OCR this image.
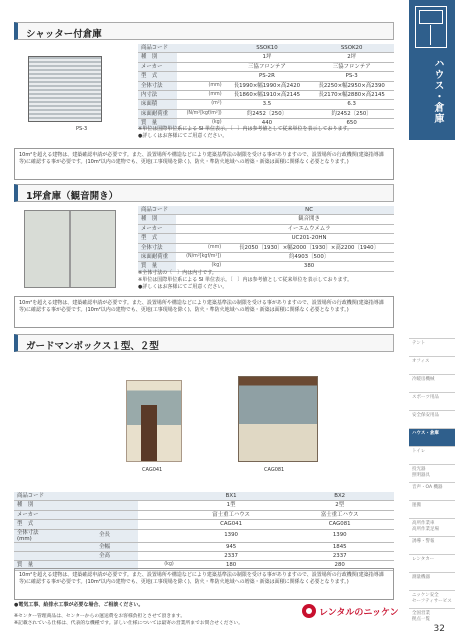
ハウス・倉庫
テント
オフィス
冷暖房機械
スポーツ用品
安全保安用品
ハウス・倉庫
トイレ
投光器
照明器具
音声・OA 機器
運搬
高所作業車
高所作業足場
誘導・警報
レンタカー
測量機器
ニッケン安全
セーフティサービス
全国営業
拠点一覧
シャッター付倉庫
PS-3
商品コード		SSOK10	SSOK20
種　別		1坪	2坪
メーカー		三協フロンテア	三協フロンテア
型　式		PS-2R	PS-3
全体寸法	(mm)	長1990×幅1990×高2420	長2250×幅2950×高2390
内寸法	(mm)	長1860×幅1910×高2145	長2170×幅2880×高2145
床面積	(m²)	3.5	6.3
床面耐荷重	(N/m²[kgf/m²])	約2452〔250〕	約2452〔250〕
質　量	(kg)	440	650
※単位は国際単位系による SI 単位表示。〔　〕内は参考値として従来単位を表示しております。
●詳しくはお客様にてご用意ください。
10m²を超える建物は、建築確認申請が必要です。また、設置場所や構造などにより建築基準法の制限を受ける事がありますので、設置場所の行政機関(建築指導課等)に確認する事が必要です。(10m²以内の建物でも、更地(工事現場を除く)、防火・準防火地域への増築・新築は面積に関係なく必要となります。)
1坪倉庫（観音開き）
商品コード		NC
種　別		観音開き
メーカー		イーエムウメムラ
型　式		UC201-20HN
全体寸法	(mm)	長2050〔1930〕×幅2000〔1930〕×高2200〔1940〕
床面耐荷重	(N/m²[kgf/m²])	約4903〔500〕
質　量	(kg)	380
※全体寸法の〔　〕内は内寸です。
※単位は国際単位系による SI 単位表示。〔　〕内は参考値として従来単位を表示しております。
●詳しくはお客様にてご用意ください。
10m²を超える建物は、建築確認申請が必要です。また、設置場所や構造などにより建築基準法の制限を受ける事がありますので、設置場所の行政機関(建築指導課等)に確認する事が必要です。(10m²以内の建物でも、更地(工事現場を除く)、防火・準防火地域への増築・新築は面積に関係なく必要となります。)
ガードマンボックス１型、２型
CAG041	CAG081
商品コード			BX1	BX2
種　別			1型	2型
メーカー			富士重工ハウス	富士重工ハウス
型　式			CAG041	CAG081
全体寸法
(mm)	全長		1390	1390
	全幅		945	1845
	全高		2337	2337
質　量		(kg)	180	280
10m²を超える建物は、建築確認申請が必要です。また、設置場所や構造などにより建築基準法の制限を受ける事がありますので、設置場所の行政機関(建築指導課等)に確認する事が必要です。(10m²以内の建物でも、更地(工事現場を除く)、防火・準防火地域への増築・新築は面積に関係なく必要となります。)
●電気工事、給排水工事が必要な場合、ご相談ください。
※センター管理商品は、センターからの運送費をお客様負担とさせて頂きます。
※記載されている仕様は、代表的な機種です。詳しい仕様については最寄の営業所までお問合せください。
レンタルのニッケン
32
